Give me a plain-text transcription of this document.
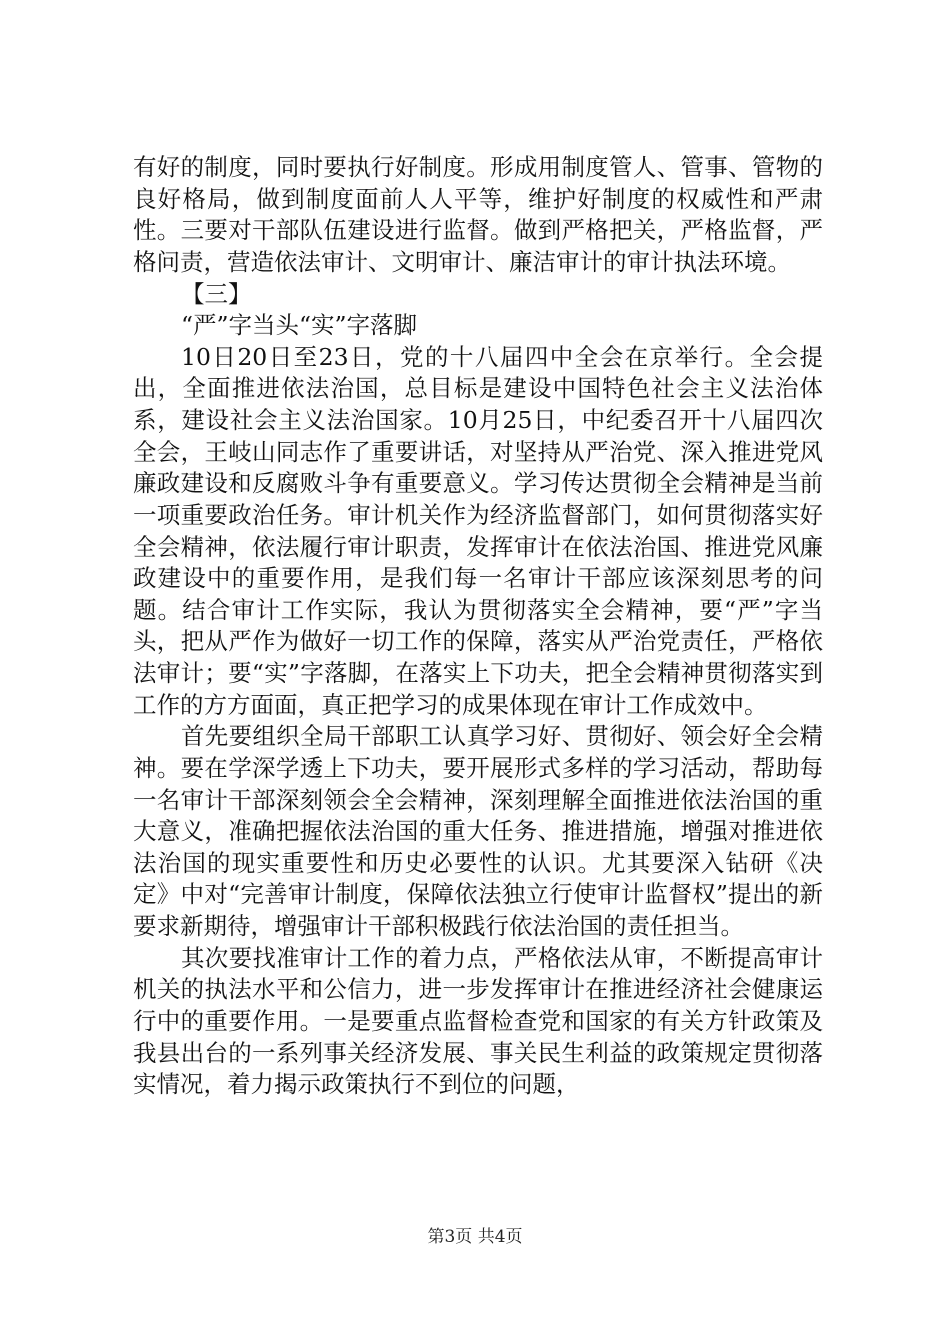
有好的制度，同时要执行好制度。形成用制度管人、管事、管物的良好格局，做到制度面前人人平等，维护好制度的权威性和严肃性。三要对干部队伍建设进行监督。做到严格把关，严格监督，严格问责，营造依法审计、文明审计、廉洁审计的审计执法环境。

【三】

“严”字当头“实”字落脚

10日20日至23日，党的十八届四中全会在京举行。全会提出，全面推进依法治国，总目标是建设中国特色社会主义法治体系，建设社会主义法治国家。10月25日，中纪委召开十八届四次全会，王岐山同志作了重要讲话，对坚持从严治党、深入推进党风廉政建设和反腐败斗争有重要意义。学习传达贯彻全会精神是当前一项重要政治任务。审计机关作为经济监督部门，如何贯彻落实好全会精神，依法履行审计职责，发挥审计在依法治国、推进党风廉政建设中的重要作用，是我们每一名审计干部应该深刻思考的问题。结合审计工作实际，我认为贯彻落实全会精神，要“严”字当头，把从严作为做好一切工作的保障，落实从严治党责任，严格依法审计；要“实”字落脚，在落实上下功夫，把全会精神贯彻落实到工作的方方面面，真正把学习的成果体现在审计工作成效中。

首先要组织全局干部职工认真学习好、贯彻好、领会好全会精神。要在学深学透上下功夫，要开展形式多样的学习活动，帮助每一名审计干部深刻领会全会精神，深刻理解全面推进依法治国的重大意义，准确把握依法治国的重大任务、推进措施，增强对推进依法治国的现实重要性和历史必要性的认识。尤其要深入钻研《决定》中对“完善审计制度，保障依法独立行使审计监督权”提出的新要求新期待，增强审计干部积极践行依法治国的责任担当。

其次要找准审计工作的着力点，严格依法从审，不断提高审计机关的执法水平和公信力，进一步发挥审计在推进经济社会健康运行中的重要作用。一是要重点监督检查党和国家的有关方针政策及我县出台的一系列事关经济发展、事关民生利益的政策规定贯彻落实情况，着力揭示政策执行不到位的问题，

第3页 共4页
